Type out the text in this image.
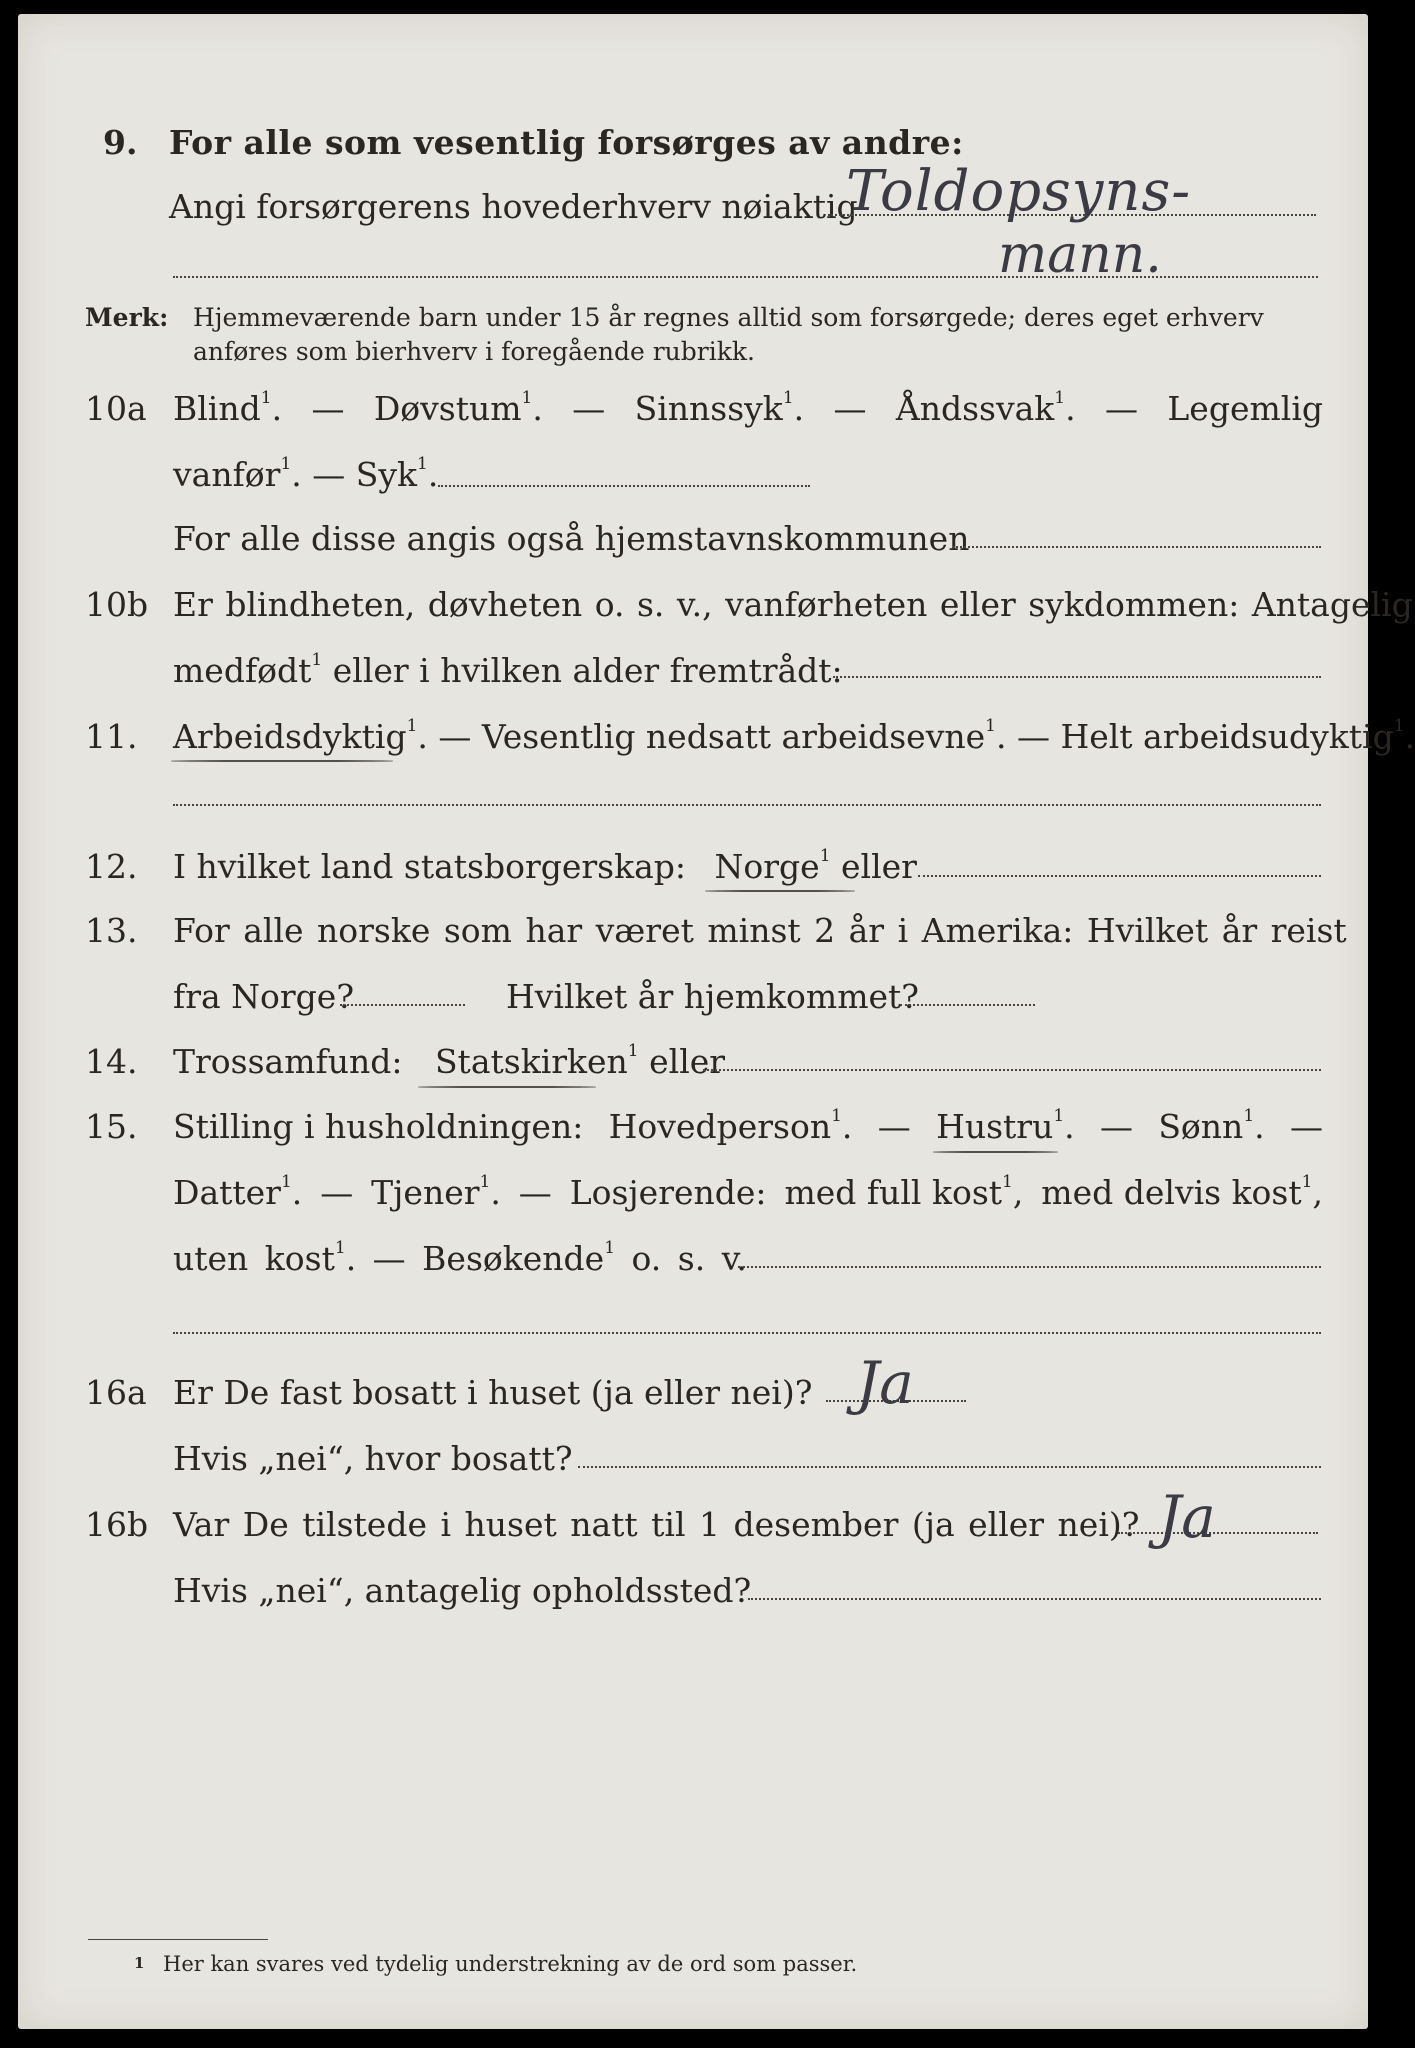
9. For alle som vesentlig forsørges av andre:
Angi forsørgerens hovederhverv nøiaktig
Toldopsyns-
mann.
Merk: Hjemmeværende barn under 15 år regnes alltid som forsørgede; deres eget erhverv
anføres som bierhverv i foregående rubrikk.
10a Blind$^1$. — Døvstum$^1$. — Sinnssyk$^1$. — Åndssvak$^1$. — Legemlig
vanfør$^1$. — Syk$^1$.
For alle disse angis også hjemstavnskommunen
10b Er blindheten, døvheten o. s. v., vanførheten eller sykdommen: Antagelig
medfødt$^1$ eller i hvilken alder fremtrådt:
11. Arbeidsdyktig$^1$. — Vesentlig nedsatt arbeidsevne$^1$. — Helt arbeidsudyktig$^1$.
12. I hvilket land statsborgerskap: Norge$^1$ eller
13. For alle norske som har været minst 2 år i Amerika: Hvilket år reist
fra Norge?	Hvilket år hjemkommet?
14. Trossamfund: Statskirken$^1$ eller
15. Stilling i husholdningen: Hovedperson$^1$. — Hustru$^1$. — Sønn$^1$. —
Datter$^1$. — Tjener$^1$. — Losjerende: med full kost$^1$, med delvis kost$^1$,
uten kost$^1$. — Besøkende$^1$ o. s. v.
16a Er De fast bosatt i huset (ja eller nei)? Ja
Hvis „nei“, hvor bosatt?
16b Var De tilstede i huset natt til 1 desember (ja eller nei)? Ja
Hvis „nei“, antagelig opholdssted?
1 Her kan svares ved tydelig understrekning av de ord som passer.
